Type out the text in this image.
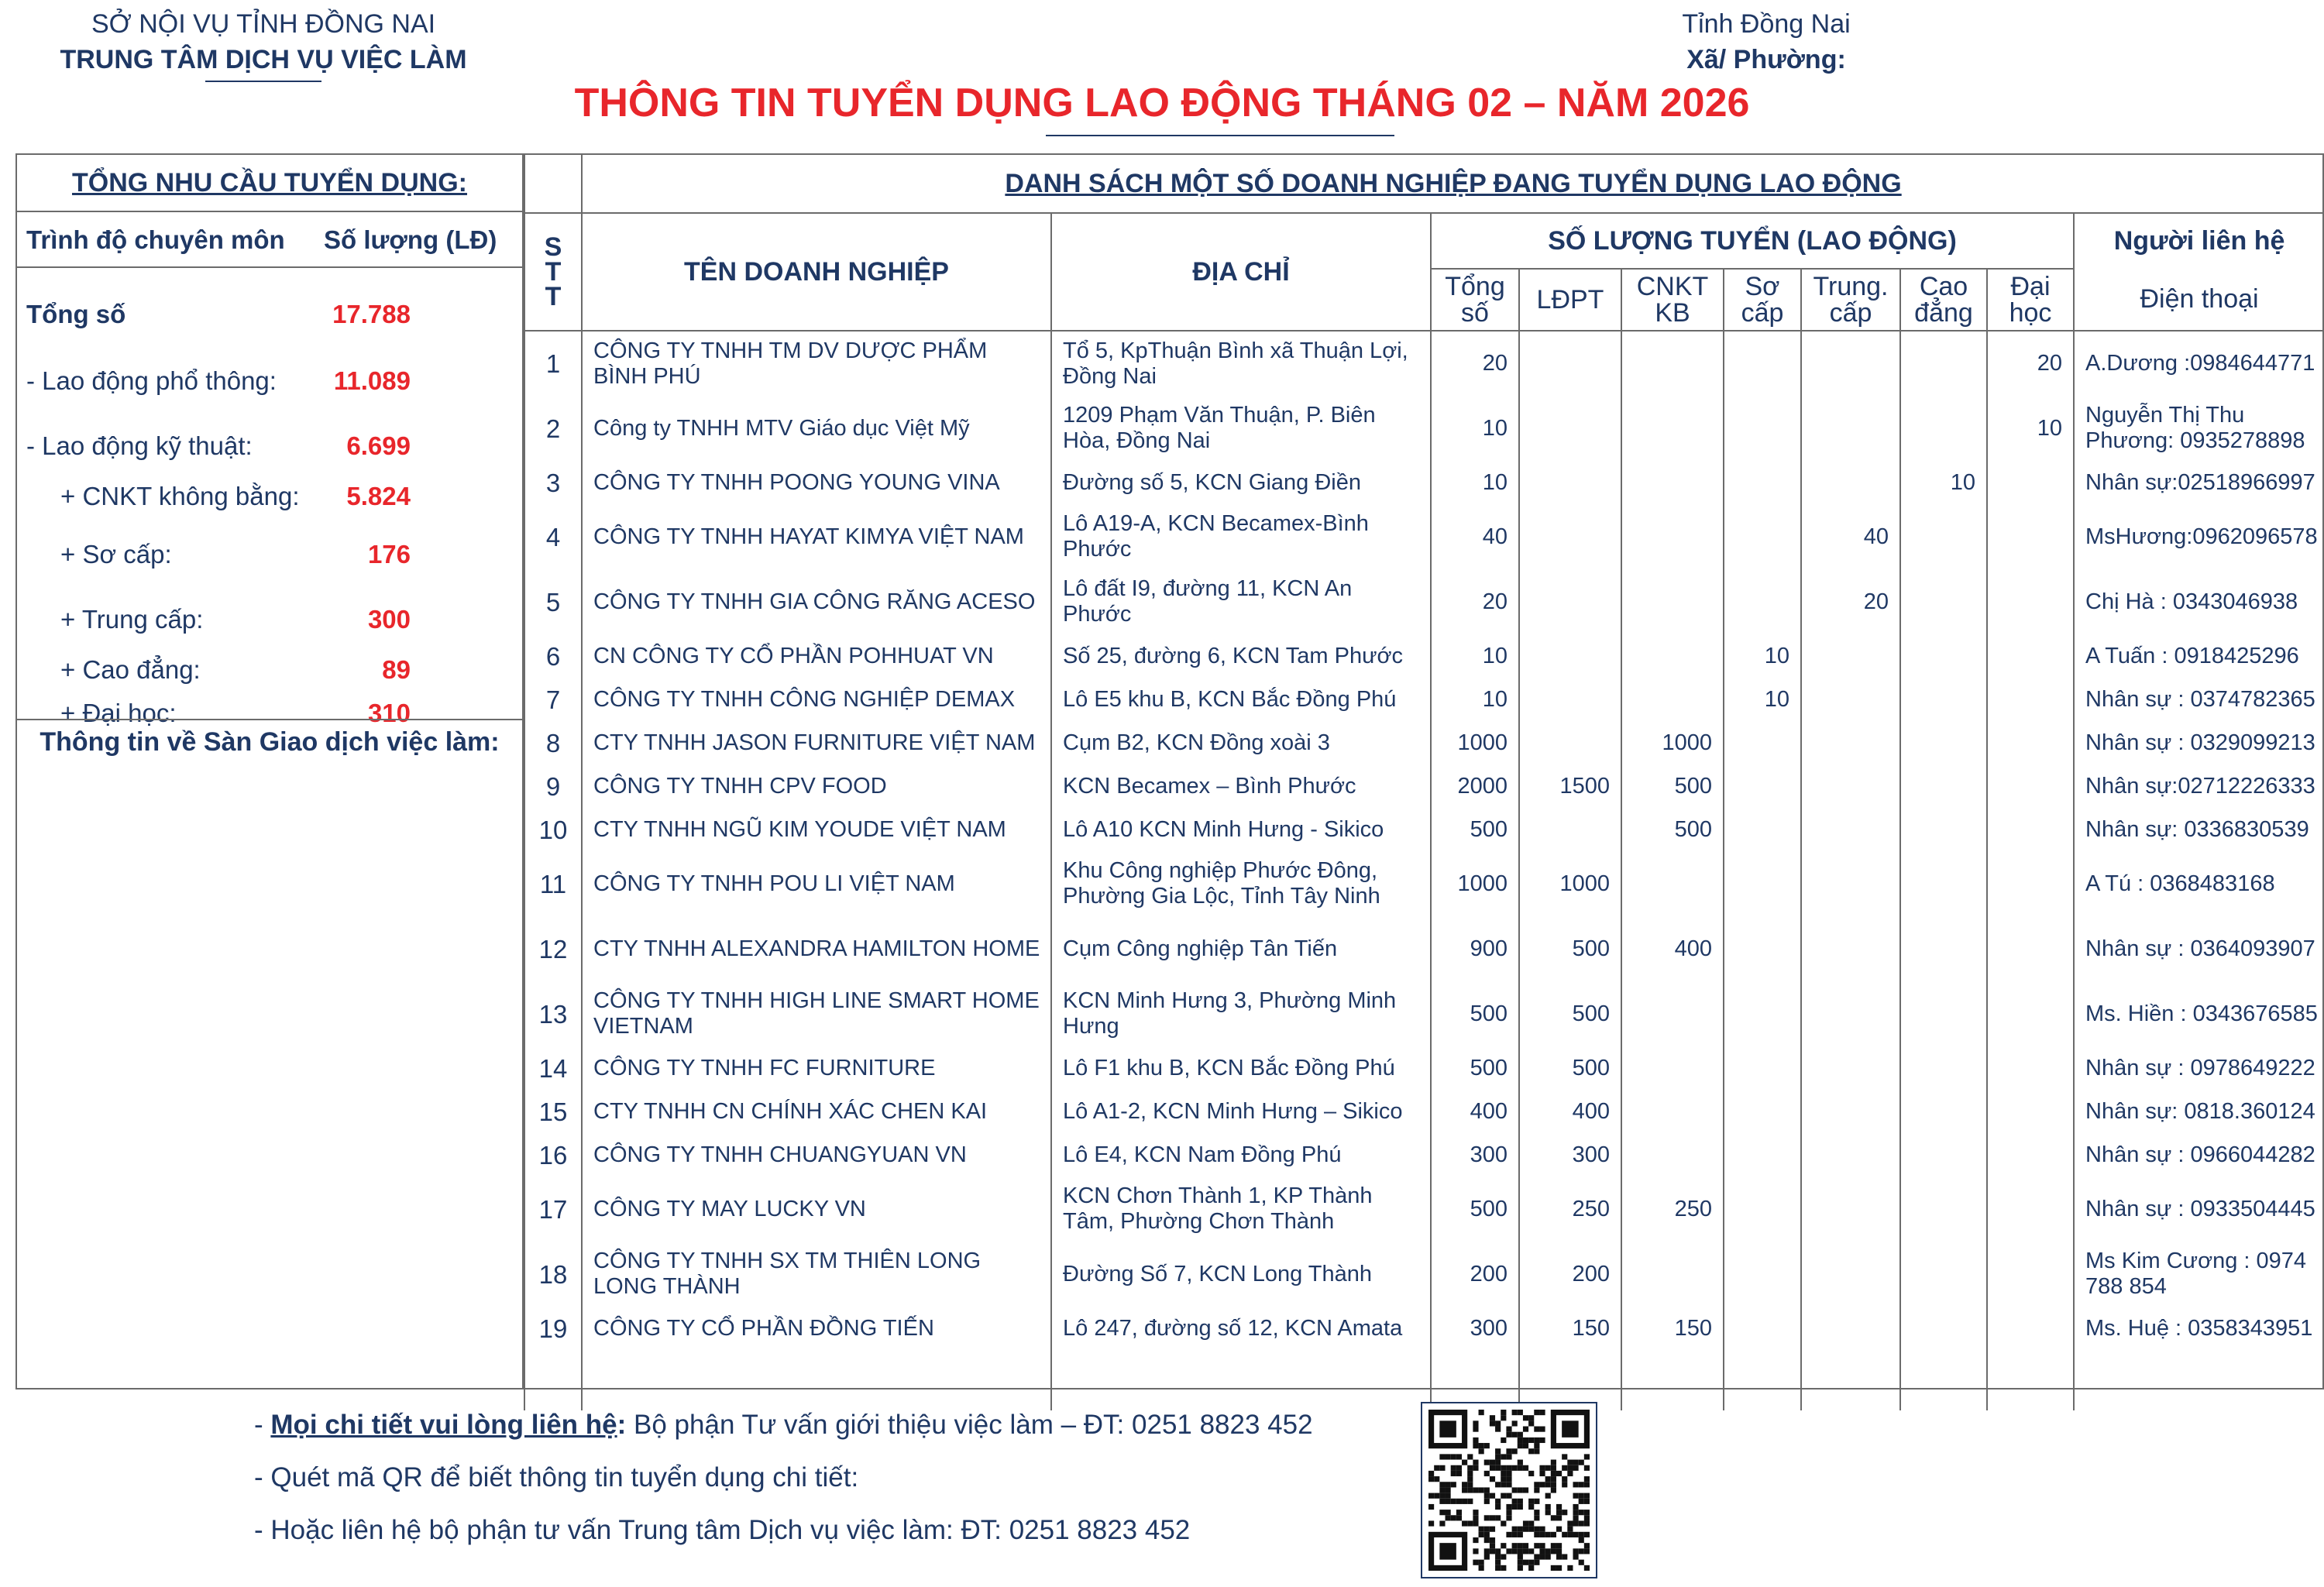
SỞ NỘI VỤ TỈNH ĐỒNG NAI
TRUNG TÂM DỊCH VỤ VIỆC LÀM
Tỉnh Đồng Nai
Xã/ Phường:
THÔNG TIN TUYỂN DỤNG LAO ĐỘNG THÁNG 02 – NĂM 2026
TỔNG NHU CẦU TUYỂN DỤNG:
Trình độ chuyên môn Số lượng (LĐ)
Tổng số	17.788
- Lao động phổ thông: 11.089
- Lao động kỹ thuật:	6.699
+ CNKT không bằng: 5.824
+ Sơ cấp:	176
+ Trung cấp:	300
+ Cao đẳng:	89
+ Đại học:	310
Thông tin về Sàn Giao dịch việc làm:
	DANH SÁCH MỘT SỐ DOANH NGHIỆP ĐANG TUYỂN DỤNG LAO ĐỘNG									
S T T	TÊN DOANH NGHIỆP	ĐỊA CHỈ	SỐ LƯỢNG TUYỂN (LAO ĐỘNG)							Người liên hệ
			Tổng số	LĐPT	CNKT KB	Sơ cấp	Trung. cấp	Cao đẳng	Đại học	Điện thoại
1	CÔNG TY TNHH TM DV DƯỢC PHẨM BÌNH PHÚ	Tổ 5, KpThuận Bình xã Thuận Lợi, Đồng Nai	20						20	A.Dương :0984644771
2	Công ty TNHH MTV Giáo dục Việt Mỹ	1209 Phạm Văn Thuận, P. Biên Hòa, Đồng Nai	10						10	Nguyễn Thị Thu Phương: 0935278898
3	CÔNG TY TNHH POONG YOUNG VINA	Đường số 5, KCN Giang Điền	10					10		Nhân sự:02518966997
4	CÔNG TY TNHH HAYAT KIMYA VIỆT NAM	Lô A19-A, KCN Becamex-Bình Phước	40				40			MsHương:0962096578
5	CÔNG TY TNHH GIA CÔNG RĂNG ACESO	Lô đất I9, đường 11, KCN An Phước	20				20			Chị Hà : 0343046938
6	CN CÔNG TY CỔ PHẦN POHHUAT VN	Số 25, đường 6, KCN Tam Phước	10			10				A Tuấn : 0918425296
7	CÔNG TY TNHH CÔNG NGHIỆP DEMAX	Lô E5 khu B, KCN Bắc Đồng Phú	10			10				Nhân sự : 0374782365
8	CTY TNHH JASON FURNITURE VIỆT NAM	Cụm B2, KCN Đồng xoài 3	1000		1000					Nhân sự : 0329099213
9	CÔNG TY TNHH CPV FOOD	KCN Becamex – Bình Phước	2000	1500	500					Nhân sự:02712226333
10	CTY TNHH NGŨ KIM YOUDE VIỆT NAM	Lô A10 KCN Minh Hưng - Sikico	500		500					Nhân sự: 0336830539
11	CÔNG TY TNHH POU LI VIỆT NAM	Khu Công nghiệp Phước Đông, Phường Gia Lộc, Tỉnh Tây Ninh	1000	1000						A Tú : 0368483168
12	CTY TNHH ALEXANDRA HAMILTON HOME	Cụm Công nghiệp Tân Tiến	900	500	400					Nhân sự : 0364093907
13	CÔNG TY TNHH HIGH LINE SMART HOME VIETNAM	KCN Minh Hưng 3, Phường Minh Hưng	500	500						Ms. Hiền : 0343676585
14	CÔNG TY TNHH FC FURNITURE	Lô F1 khu B, KCN Bắc Đồng Phú	500	500						Nhân sự : 0978649222
15	CTY TNHH CN CHÍNH XÁC CHEN KAI	Lô A1-2, KCN Minh Hưng – Sikico	400	400						Nhân sự: 0818.360124
16	CÔNG TY TNHH CHUANGYUAN VN	Lô E4, KCN Nam Đồng Phú	300	300						Nhân sự : 0966044282
17	CÔNG TY MAY LUCKY VN	KCN Chơn Thành 1, KP Thành Tâm, Phường Chơn Thành	500	250	250					Nhân sự : 0933504445
18	CÔNG TY TNHH SX TM THIÊN LONG LONG THÀNH	Đường Số 7, KCN Long Thành	200	200						Ms Kim Cương : 0974 788 854
19	CÔNG TY CỔ PHẦN ĐỒNG TIẾN	Lô 247, đường số 12, KCN Amata	300	150	150					Ms. Huệ : 0358343951

- Mọi chi tiết vui lòng liên hệ: Bộ phận Tư vấn giới thiệu việc làm – ĐT: 0251 8823 452

- Quét mã QR để biết thông tin tuyển dụng chi tiết:

- Hoặc liên hệ bộ phận tư vấn Trung tâm Dịch vụ việc làm: ĐT: 0251 8823 452
